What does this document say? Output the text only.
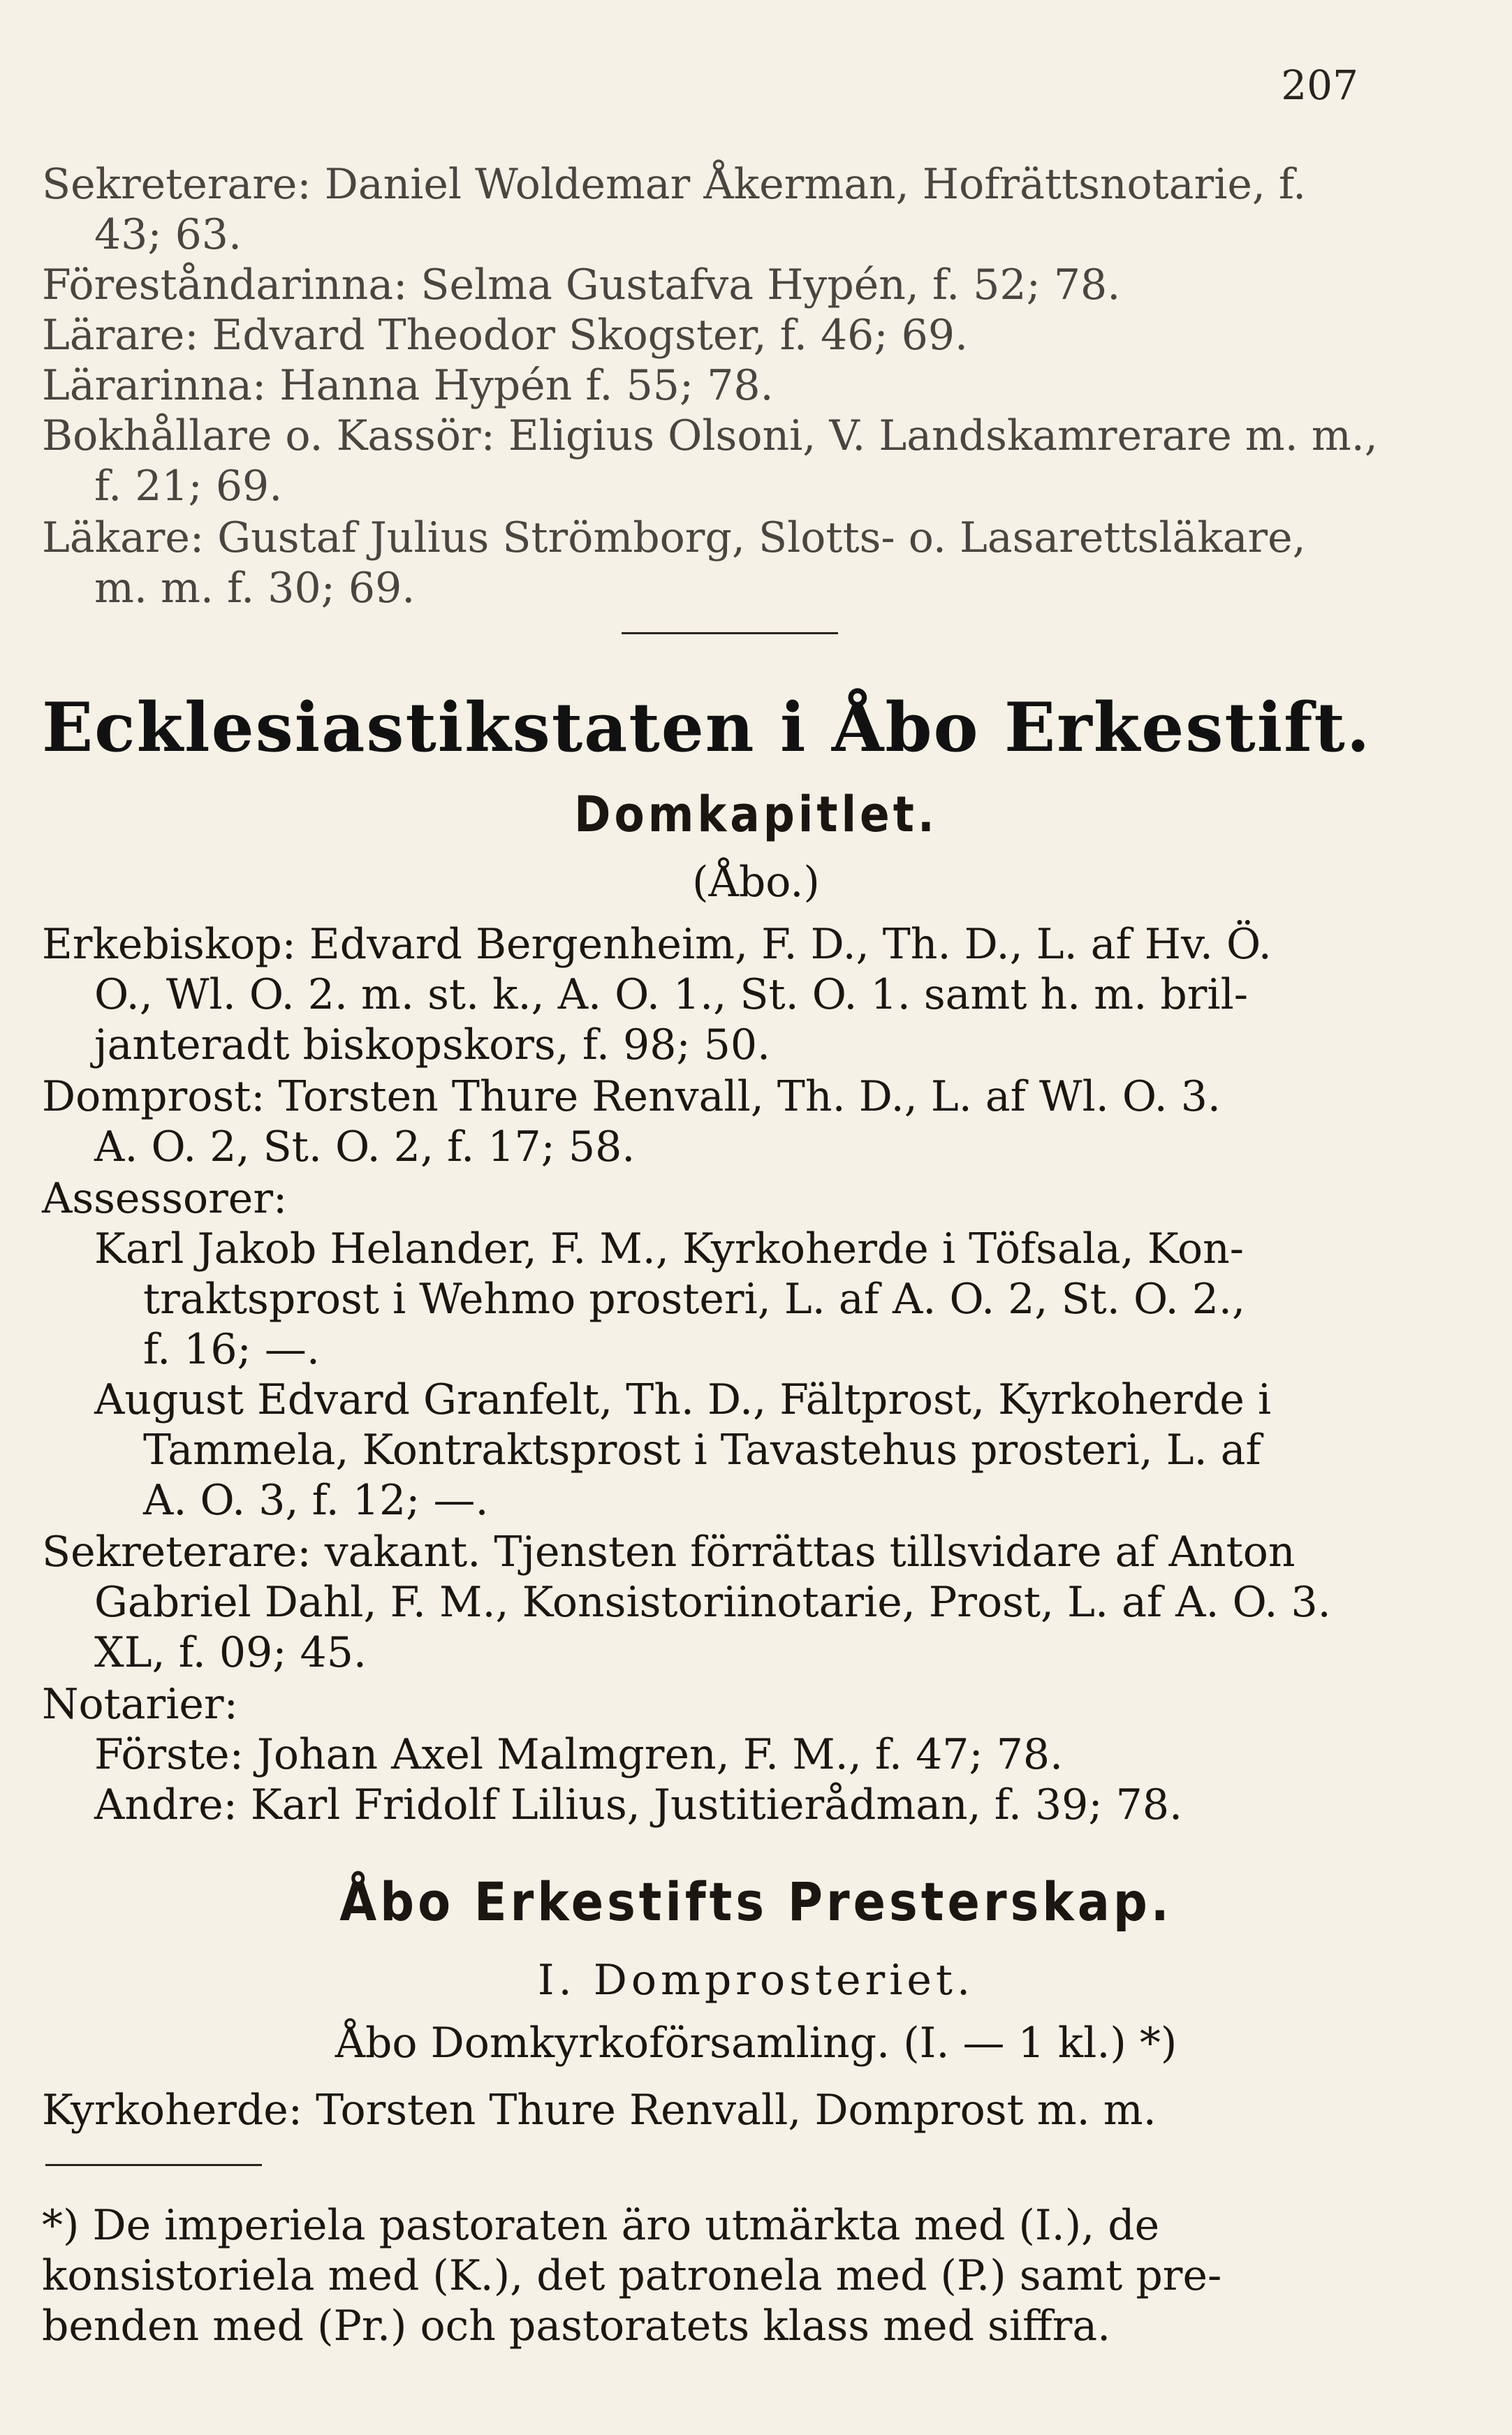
207
Sekreterare: Daniel Woldemar Åkerman, Hofrättsnotarie, f.
43; 63.
Föreståndarinna: Selma Gustafva Hypén, f. 52; 78.
Lärare: Edvard Theodor Skogster, f. 46; 69.
Lärarinna: Hanna Hypén f. 55; 78.
Bokhållare o. Kassör: Eligius Olsoni, V. Landskamrerare m. m.,
f. 21; 69.
Läkare: Gustaf Julius Strömborg, Slotts- o. Lasarettsläkare,
m. m. f. 30; 69.
Ecklesiastikstaten i Åbo Erkestift.
Domkapitlet.
(Åbo.)
Erkebiskop: Edvard Bergenheim, F. D., Th. D., L. af Hv. Ö.
O., Wl. O. 2. m. st. k., A. O. 1., St. O. 1. samt h. m. bril-
janteradt biskopskors, f. 98; 50.
Domprost: Torsten Thure Renvall, Th. D., L. af Wl. O. 3.
A. O. 2, St. O. 2, f. 17; 58.
Assessorer:
Karl Jakob Helander, F. M., Kyrkoherde i Töfsala, Kon-
traktsprost i Wehmo prosteri, L. af A. O. 2, St. O. 2.,
f. 16; —.
August Edvard Granfelt, Th. D., Fältprost, Kyrkoherde i
Tammela, Kontraktsprost i Tavastehus prosteri, L. af
A. O. 3, f. 12; —.
Sekreterare: vakant. Tjensten förrättas tillsvidare af Anton
Gabriel Dahl, F. M., Konsistoriinotarie, Prost, L. af A. O. 3.
XL, f. 09; 45.
Notarier:
Förste: Johan Axel Malmgren, F. M., f. 47; 78.
Andre: Karl Fridolf Lilius, Justitierådman, f. 39; 78.
Åbo Erkestifts Presterskap.
I. Domprosteriet.
Åbo Domkyrkoförsamling. (I. — 1 kl.) *)
Kyrkoherde: Torsten Thure Renvall, Domprost m. m.
*) De imperiela pastoraten äro utmärkta med (I.), de
konsistoriela med (K.), det patronela med (P.) samt pre-
benden med (Pr.) och pastoratets klass med siffra.
